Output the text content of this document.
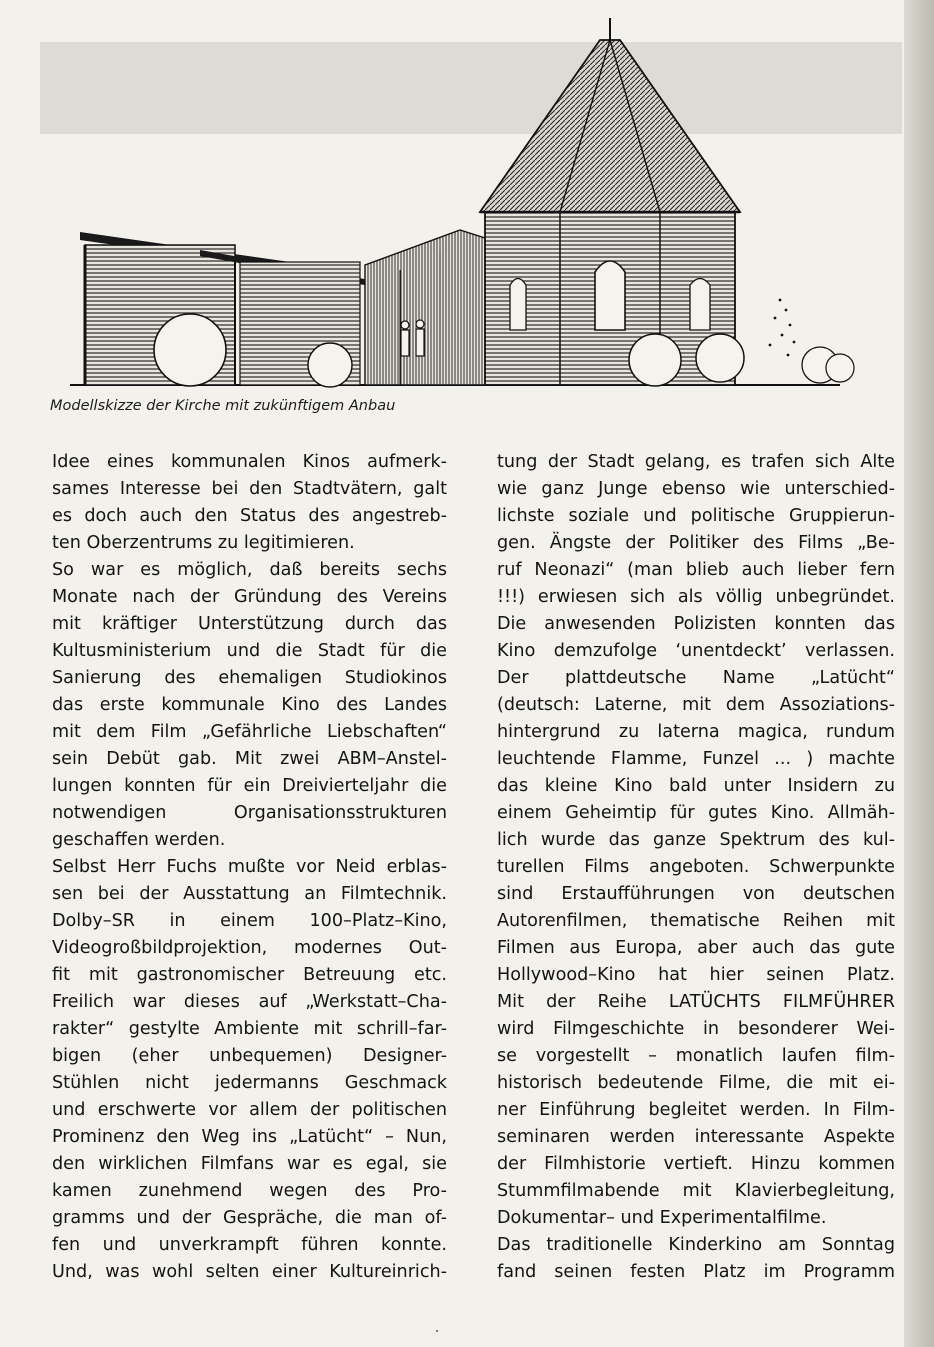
Modellskizze der Kirche mit zukünftigem Anbau
Idee eines kommunalen Kinos aufmerk-
sames Interesse bei den Stadtvätern, galt
es doch auch den Status des angestreb-
ten Oberzentrums zu legitimieren.
So war es möglich, daß bereits sechs
Monate nach der Gründung des Vereins
mit kräftiger Unterstützung durch das
Kultusministerium und die Stadt für die
Sanierung des ehemaligen Studiokinos
das erste kommunale Kino des Landes
mit dem Film „Gefährliche Liebschaften“
sein Debüt gab. Mit zwei ABM–Anstel-
lungen konnten für ein Dreivierteljahr die
notwendigen Organisationsstrukturen
geschaffen werden.
Selbst Herr Fuchs mußte vor Neid erblas-
sen bei der Ausstattung an Filmtechnik.
Dolby–SR in einem 100–Platz–Kino,
Videogroßbildprojektion, modernes Out-
fit mit gastronomischer Betreuung etc.
Freilich war dieses auf „Werkstatt–Cha-
rakter“ gestylte Ambiente mit schrill–far-
bigen (eher unbequemen) Designer-
Stühlen nicht jedermanns Geschmack
und erschwerte vor allem der politischen
Prominenz den Weg ins „Latücht“ – Nun,
den wirklichen Filmfans war es egal, sie
kamen zunehmend wegen des Pro-
gramms und der Gespräche, die man of-
fen und unverkrampft führen konnte.
Und, was wohl selten einer Kultureinrich-
tung der Stadt gelang, es trafen sich Alte
wie ganz Junge ebenso wie unterschied-
lichste soziale und politische Gruppierun-
gen. Ängste der Politiker des Films „Be-
ruf Neonazi“ (man blieb auch lieber fern
!!!) erwiesen sich als völlig unbegründet.
Die anwesenden Polizisten konnten das
Kino demzufolge ‘unentdeckt’ verlassen.
Der plattdeutsche Name „Latücht“
(deutsch: Laterne, mit dem Assoziations-
hintergrund zu laterna magica, rundum
leuchtende Flamme, Funzel ... ) machte
das kleine Kino bald unter Insidern zu
einem Geheimtip für gutes Kino. Allmäh-
lich wurde das ganze Spektrum des kul-
turellen Films angeboten. Schwerpunkte
sind Erstaufführungen von deutschen
Autorenfilmen, thematische Reihen mit
Filmen aus Europa, aber auch das gute
Hollywood–Kino hat hier seinen Platz.
Mit der Reihe LATÜCHTS FILMFÜHRER
wird Filmgeschichte in besonderer Wei-
se vorgestellt – monatlich laufen film-
historisch bedeutende Filme, die mit ei-
ner Einführung begleitet werden. In Film-
seminaren werden interessante Aspekte
der Filmhistorie vertieft. Hinzu kommen
Stummfilmabende mit Klavierbegleitung,
Dokumentar– und Experimentalfilme.
Das traditionelle Kinderkino am Sonntag
fand seinen festen Platz im Programm
